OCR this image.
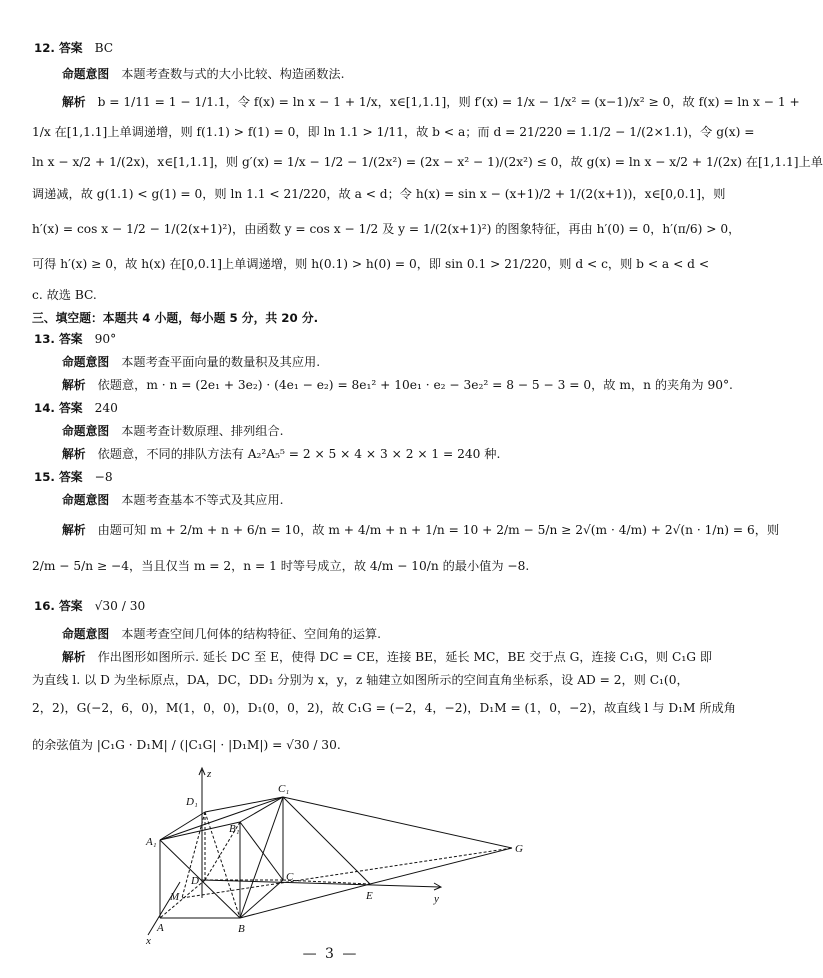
12. 答案 BC
命题意图 本题考查数与式的大小比较、构造函数法.
解析 b = 1/11 = 1 − 1/1.1，令 f(x) = ln x − 1 + 1/x，x∈[1,1.1]，则 f′(x) = 1/x − 1/x² = (x−1)/x² ≥ 0，故 f(x) = ln x − 1 +
1/x 在[1,1.1]上单调递增，则 f(1.1) > f(1) = 0，即 ln 1.1 > 1/11，故 b < a；而 d = 21/220 = 1.1/2 − 1/(2×1.1)，令 g(x) =
ln x − x/2 + 1/(2x)，x∈[1,1.1]，则 g′(x) = 1/x − 1/2 − 1/(2x²) = (2x − x² − 1)/(2x²) ≤ 0，故 g(x) = ln x − x/2 + 1/(2x) 在[1,1.1]上单
调递减，故 g(1.1) < g(1) = 0，则 ln 1.1 < 21/220，故 a < d；令 h(x) = sin x − (x+1)/2 + 1/(2(x+1))，x∈[0,0.1]，则
h′(x) = cos x − 1/2 − 1/(2(x+1)²)，由函数 y = cos x − 1/2 及 y = 1/(2(x+1)²) 的图象特征，再由 h′(0) = 0，h′(π/6) > 0，
可得 h′(x) ≥ 0，故 h(x) 在[0,0.1]上单调递增，则 h(0.1) > h(0) = 0，即 sin 0.1 > 21/220，则 d < c，则 b < a < d <
c. 故选 BC.
三、填空题：本题共 4 小题，每小题 5 分，共 20 分.
13. 答案 90°
命题意图 本题考查平面向量的数量积及其应用.
解析 依题意，m · n = (2e₁ + 3e₂) · (4e₁ − e₂) = 8e₁² + 10e₁ · e₂ − 3e₂² = 8 − 5 − 3 = 0，故 m，n 的夹角为 90°.
14. 答案 240
命题意图 本题考查计数原理、排列组合.
解析 依题意，不同的排队方法有 A₂²A₅⁵ = 2 × 5 × 4 × 3 × 2 × 1 = 240 种.
15. 答案 −8
命题意图 本题考查基本不等式及其应用.
解析 由题可知 m + 2/m + n + 6/n = 10，故 m + 4/m + n + 1/n = 10 + 2/m − 5/n ≥ 2√(m · 4/m) + 2√(n · 1/n) = 6，则
2/m − 5/n ≥ −4，当且仅当 m = 2，n = 1 时等号成立，故 4/m − 10/n 的最小值为 −8.
16. 答案 √30 / 30
命题意图 本题考查空间几何体的结构特征、空间角的运算.
解析 作出图形如图所示. 延长 DC 至 E，使得 DC = CE，连接 BE，延长 MC，BE 交于点 G，连接 C₁G，则 C₁G 即
为直线 l. 以 D 为坐标原点，DA，DC，DD₁ 分别为 x，y，z 轴建立如图所示的空间直角坐标系，设 AD = 2，则 C₁(0，
2，2)，G(−2，6，0)，M(1，0，0)，D₁(0，0，2)，故 C₁G = (−2，4，−2)，D₁M = (1，0，−2)，故直线 l 与 D₁M 所成角
的余弦值为 |C₁G · D₁M| / (|C₁G| · |D₁M|) = √30 / 30.
D₁
C₁
A₁
B₁
D	C
M
A	B
E
G
z
y
x
— 3 —
